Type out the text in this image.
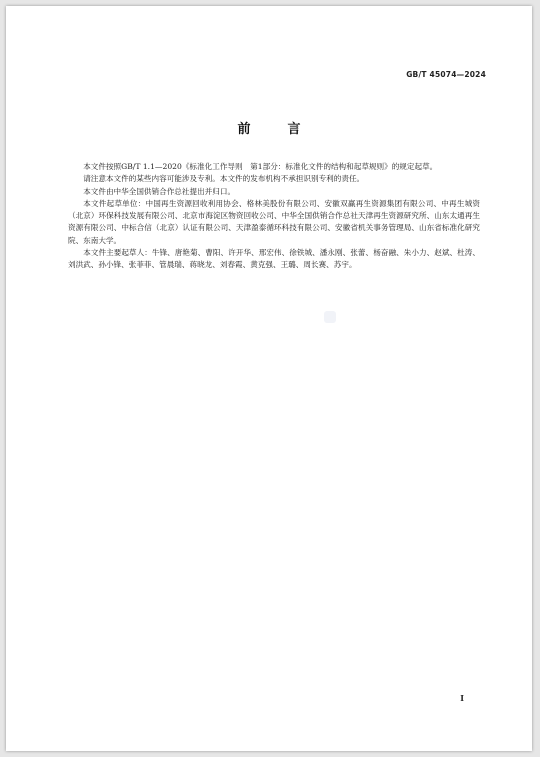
GB/T 45074—2024
前　言

本文件按照GB/T 1.1—2020《标准化工作导则　第1部分：标准化文件的结构和起草规则》的规定起草。

请注意本文件的某些内容可能涉及专利。本文件的发布机构不承担识别专利的责任。

本文件由中华全国供销合作总社提出并归口。

本文件起草单位：中国再生资源回收利用协会、格林美股份有限公司、安徽双赢再生资源集团有限公司、中再生城资（北京）环保科技发展有限公司、北京市海淀区物资回收公司、中华全国供销合作总社天津再生资源研究所、山东太通再生资源有限公司、中标合信（北京）认证有限公司、天津盈泰循环科技有限公司、安徽省机关事务管理局、山东省标准化研究院、东南大学。

本文件主要起草人：牛锋、唐艳菊、曹阳、许开华、邢宏伟、徐铁城、潘永刚、张蕾、杨奋融、朱小力、赵斌、杜涛、刘洪武、孙小锋、张菲菲、管晨瑞、蒋晓龙、刘春霞、黄克强、王璐、周长赛、苏宇。

I
